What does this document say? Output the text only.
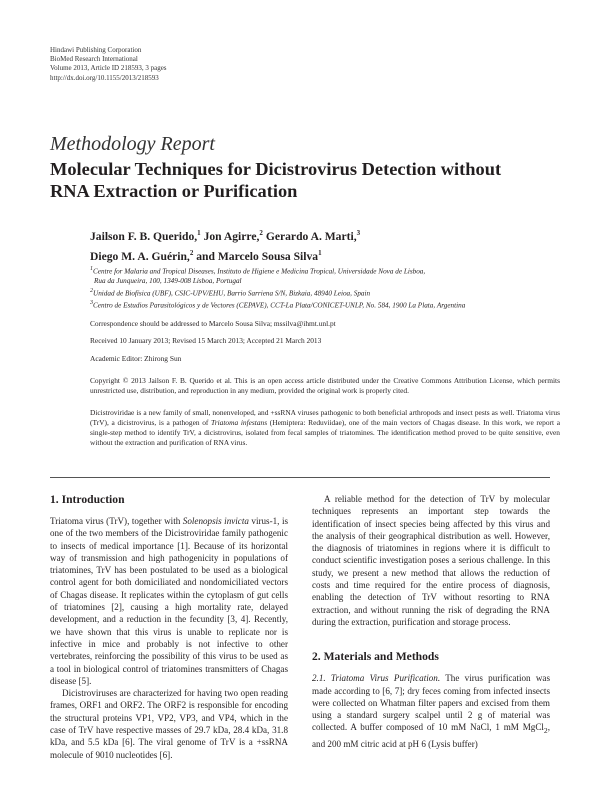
Hindawi Publishing Corporation
BioMed Research International
Volume 2013, Article ID 218593, 3 pages
http://dx.doi.org/10.1155/2013/218593
Methodology Report
Molecular Techniques for Dicistrovirus Detection without RNA Extraction or Purification
Jailson F. B. Querido,$^1$ Jon Agirre,$^2$ Gerardo A. Marti,$^3$
Diego M. A. Guérin,$^2$ and Marcelo Sousa Silva$^1$
$^1$Centre for Malaria and Tropical Diseases, Instituto de Higiene e Medicina Tropical, Universidade Nova de Lisboa,
Rua da Junqueira, 100, 1349-008 Lisboa, Portugal
$^2$Unidad de Biofísica (UBF), CSIC-UPV/EHU, Barrio Sarriena S/N, Bizkaia, 48940 Leioa, Spain
$^3$Centro de Estudios Parasitológicos y de Vectores (CEPAVE), CCT-La Plata/CONICET-UNLP, No. 584, 1900 La Plata, Argentina
Correspondence should be addressed to Marcelo Sousa Silva; mssilva@ihmt.unl.pt
Received 10 January 2013; Revised 15 March 2013; Accepted 21 March 2013
Academic Editor: Zhirong Sun
Copyright © 2013 Jailson F. B. Querido et al. This is an open access article distributed under the Creative Commons Attribution License, which permits unrestricted use, distribution, and reproduction in any medium, provided the original work is properly cited.
Dicistroviridae is a new family of small, nonenveloped, and +ssRNA viruses pathogenic to both beneficial arthropods and insect pests as well. Triatoma virus (TrV), a dicistrovirus, is a pathogen of Triatoma infestans (Hemiptera: Reduviidae), one of the main vectors of Chagas disease. In this work, we report a single-step method to identify TrV, a dicistrovirus, isolated from fecal samples of triatomines. The identification method proved to be quite sensitive, even without the extraction and purification of RNA virus.
1. Introduction

Triatoma virus (TrV), together with Solenopsis invicta virus-1, is one of the two members of the Dicistroviridae family pathogenic to insects of medical importance [1]. Because of its horizontal way of transmission and high pathogenicity in populations of triatomines, TrV has been postulated to be used as a biological control agent for both domiciliated and nondomiciliated vectors of Chagas disease. It replicates within the cytoplasm of gut cells of triatomines [2], causing a high mortality rate, delayed development, and a reduction in the fecundity [3, 4]. Recently, we have shown that this virus is unable to replicate nor is infective in mice and probably is not infective to other vertebrates, reinforcing the possibility of this virus to be used as a tool in biological control of triatomines transmitters of Chagas disease [5].

Dicistroviruses are characterized for having two open reading frames, ORF1 and ORF2. The ORF2 is responsible for encoding the structural proteins VP1, VP2, VP3, and VP4, which in the case of TrV have respective masses of 29.7 kDa, 28.4 kDa, 31.8 kDa, and 5.5 kDa [6]. The viral genome of TrV is a +ssRNA molecule of 9010 nucleotides [6].

A reliable method for the detection of TrV by molecular techniques represents an important step towards the identification of insect species being affected by this virus and the analysis of their geographical distribution as well. However, the diagnosis of triatomines in regions where it is difficult to conduct scientific investigation poses a serious challenge. In this study, we present a new method that allows the reduction of costs and time required for the entire process of diagnosis, enabling the detection of TrV without resorting to RNA extraction, and without running the risk of degrading the RNA during the extraction, purification and storage process.

2. Materials and Methods

2.1. Triatoma Virus Purification. The virus purification was made according to [6, 7]; dry feces coming from infected insects were collected on Whatman filter papers and excised from them using a standard surgery scalpel until 2 g of material was collected. A buffer composed of 10 mM NaCl, 1 mM MgCl$_2$, and 200 mM citric acid at pH 6 (Lysis buffer)
